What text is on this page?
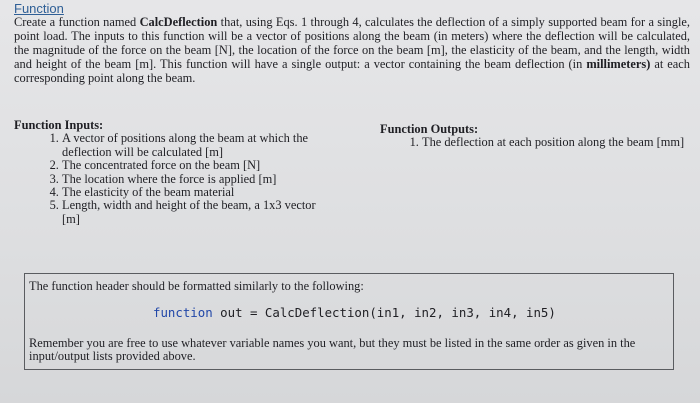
Function
Create a function named CalcDeflection that, using Eqs. 1 through 4, calculates the deflection of a simply supported beam for a single, point load. The inputs to this function will be a vector of positions along the beam (in meters) where the deflection will be calculated, the magnitude of the force on the beam [N], the location of the force on the beam [m], the elasticity of the beam, and the length, width and height of the beam [m]. This function will have a single output: a vector containing the beam deflection (in millimeters) at each corresponding point along the beam.
Function Inputs:
1. A vector of positions along the beam at which the deflection will be calculated [m]
2. The concentrated force on the beam [N]
3. The location where the force is applied [m]
4. The elasticity of the beam material
5. Length, width and height of the beam, a 1x3 vector [m]
Function Outputs:
1. The deflection at each position along the beam [mm]
The function header should be formatted similarly to the following:
function out = CalcDeflection(in1, in2, in3, in4, in5)
Remember you are free to use whatever variable names you want, but they must be listed in the same order as given in the input/output lists provided above.
